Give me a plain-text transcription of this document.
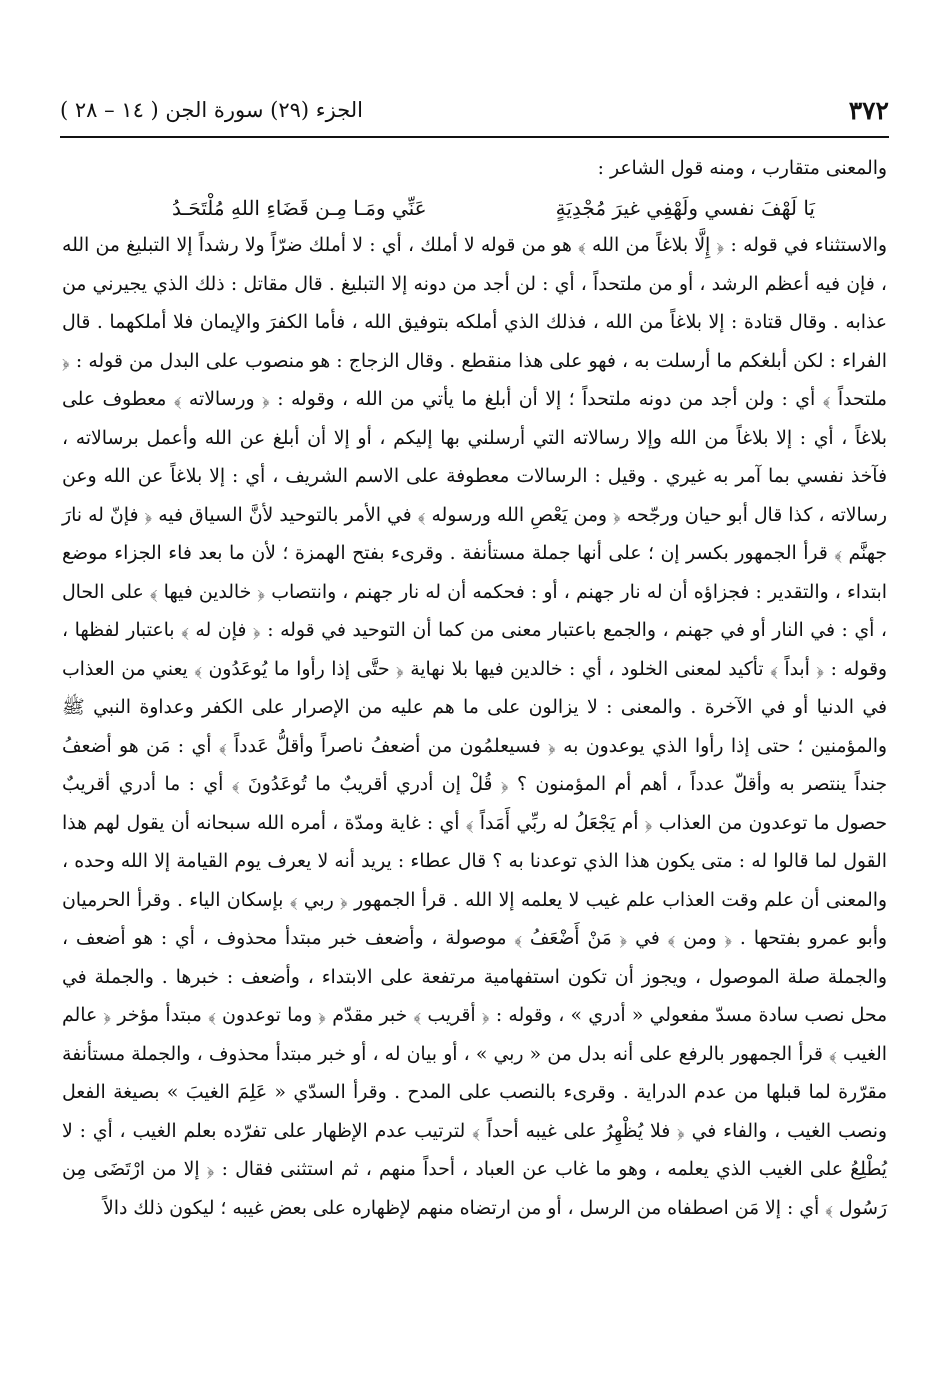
٣٧٢
الجزء (٢٩) سورة الجن ( ١٤ – ٢٨ )

والمعنى متقارب ، ومنه قول الشاعر :

يَا لَهْفَ نفسي ولَهْفِي غيرَ مُجْدِيَةٍ
عَنِّي ومَـا مِـن قَضَاءِ اللهِ مُلْتَحَـدُ

والاستثناء في قوله : ﴿ إِلَّا بلاغاً من الله ﴾ هو من قوله لا أملك ، أي : لا أملك ضرّاً ولا رشداً إلا التبليغ من الله ، فإن فيه أعظم الرشد ، أو من ملتحداً ، أي : لن أجد من دونه إلا التبليغ . قال مقاتل : ذلك الذي يجيرني من عذابه . وقال قتادة : إلا بلاغاً من الله ، فذلك الذي أملكه بتوفيق الله ، فأما الكفرَ والإيمان فلا أملكهما . قال الفراء : لكن أبلغكم ما أرسلت به ، فهو على هذا منقطع . وقال الزجاج : هو منصوب على البدل من قوله : ﴿ ملتحداً ﴾ أي : ولن أجد من دونه ملتحداً ؛ إلا أن أبلغ ما يأتي من الله ، وقوله : ﴿ ورسالاته ﴾ معطوف على بلاغاً ، أي : إلا بلاغاً من الله وإلا رسالاته التي أرسلني بها إليكم ، أو إلا أن أبلغ عن الله وأعمل برسالاته ، فآخذ نفسي بما آمر به غيري . وقيل : الرسالات معطوفة على الاسم الشريف ، أي : إلا بلاغاً عن الله وعن رسالاته ، كذا قال أبو حيان ورجّحه ﴿ ومن يَعْصِ الله ورسوله ﴾ في الأمر بالتوحيد لأنَّ السياق فيه ﴿ فإنّ له نارَ جهنَّم ﴾ قرأ الجمهور بكسر إن ؛ على أنها جملة مستأنفة . وقرىء بفتح الهمزة ؛ لأن ما بعد فاء الجزاء موضع ابتداء ، والتقدير : فجزاؤه أن له نار جهنم ، أو : فحكمه أن له نار جهنم ، وانتصاب ﴿ خالدين فيها ﴾ على الحال ، أي : في النار أو في جهنم ، والجمع باعتبار معنى من كما أن التوحيد في قوله : ﴿ فإن له ﴾ باعتبار لفظها ، وقوله : ﴿ أبداً ﴾ تأكيد لمعنى الخلود ، أي : خالدين فيها بلا نهاية ﴿ حتَّى إذا رأوا ما يُوعَدُون ﴾ يعني من العذاب في الدنيا أو في الآخرة . والمعنى : لا يزالون على ما هم عليه من الإصرار على الكفر وعداوة النبي ﷺ والمؤمنين ؛ حتى إذا رأوا الذي يوعدون به ﴿ فسيعلمُون من أضعفُ ناصراً وأقلُّ عَدداً ﴾ أي : مَن هو أضعفُ جنداً ينتصر به وأقلّ عدداً ، أهم أم المؤمنون ؟ ﴿ قُلْ إن أدري أقريبٌ ما تُوعَدُونَ ﴾ أي : ما أدري أقريبٌ حصول ما توعدون من العذاب ﴿ أم يَجْعَلُ له ربِّي أَمَداً ﴾ أي : غاية ومدّة ، أمره الله سبحانه أن يقول لهم هذا القول لما قالوا له : متى يكون هذا الذي توعدنا به ؟ قال عطاء : يريد أنه لا يعرف يوم القيامة إلا الله وحده ، والمعنى أن علم وقت العذاب علم غيب لا يعلمه إلا الله . قرأ الجمهور ﴿ ربي ﴾ بإسكان الياء . وقرأ الحرميان وأبو عمرو بفتحها . ﴿ ومن ﴾ في ﴿ مَنْ أَضْعَفُ ﴾ موصولة ، وأضعف خبر مبتدأ محذوف ، أي : هو أضعف ، والجملة صلة الموصول ، ويجوز أن تكون استفهامية مرتفعة على الابتداء ، وأضعف : خبرها . والجملة في محل نصب سادة مسدّ مفعولي « أدري » ، وقوله : ﴿ أقريب ﴾ خبر مقدّم ﴿ وما توعدون ﴾ مبتدأ مؤخر ﴿ عالم الغيب ﴾ قرأ الجمهور بالرفع على أنه بدل من « ربي » ، أو بيان له ، أو خبر مبتدأ محذوف ، والجملة مستأنفة مقرّرة لما قبلها من عدم الدراية . وقرىء بالنصب على المدح . وقرأ السدّي « عَلِمَ الغيبَ » بصيغة الفعل ونصب الغيب ، والفاء في ﴿ فلا يُظْهِرُ على غيبه أحداً ﴾ لترتيب عدم الإظهار على تفرّده بعلم الغيب ، أي : لا يُطْلِعُ على الغيب الذي يعلمه ، وهو ما غاب عن العباد ، أحداً منهم ، ثم استثنى فقال : ﴿ إلا من ارْتَضَى مِن رَسُول ﴾ أي : إلا مَن اصطفاه من الرسل ، أو من ارتضاه منهم لإظهاره على بعض غيبه ؛ ليكون ذلك دالاً
